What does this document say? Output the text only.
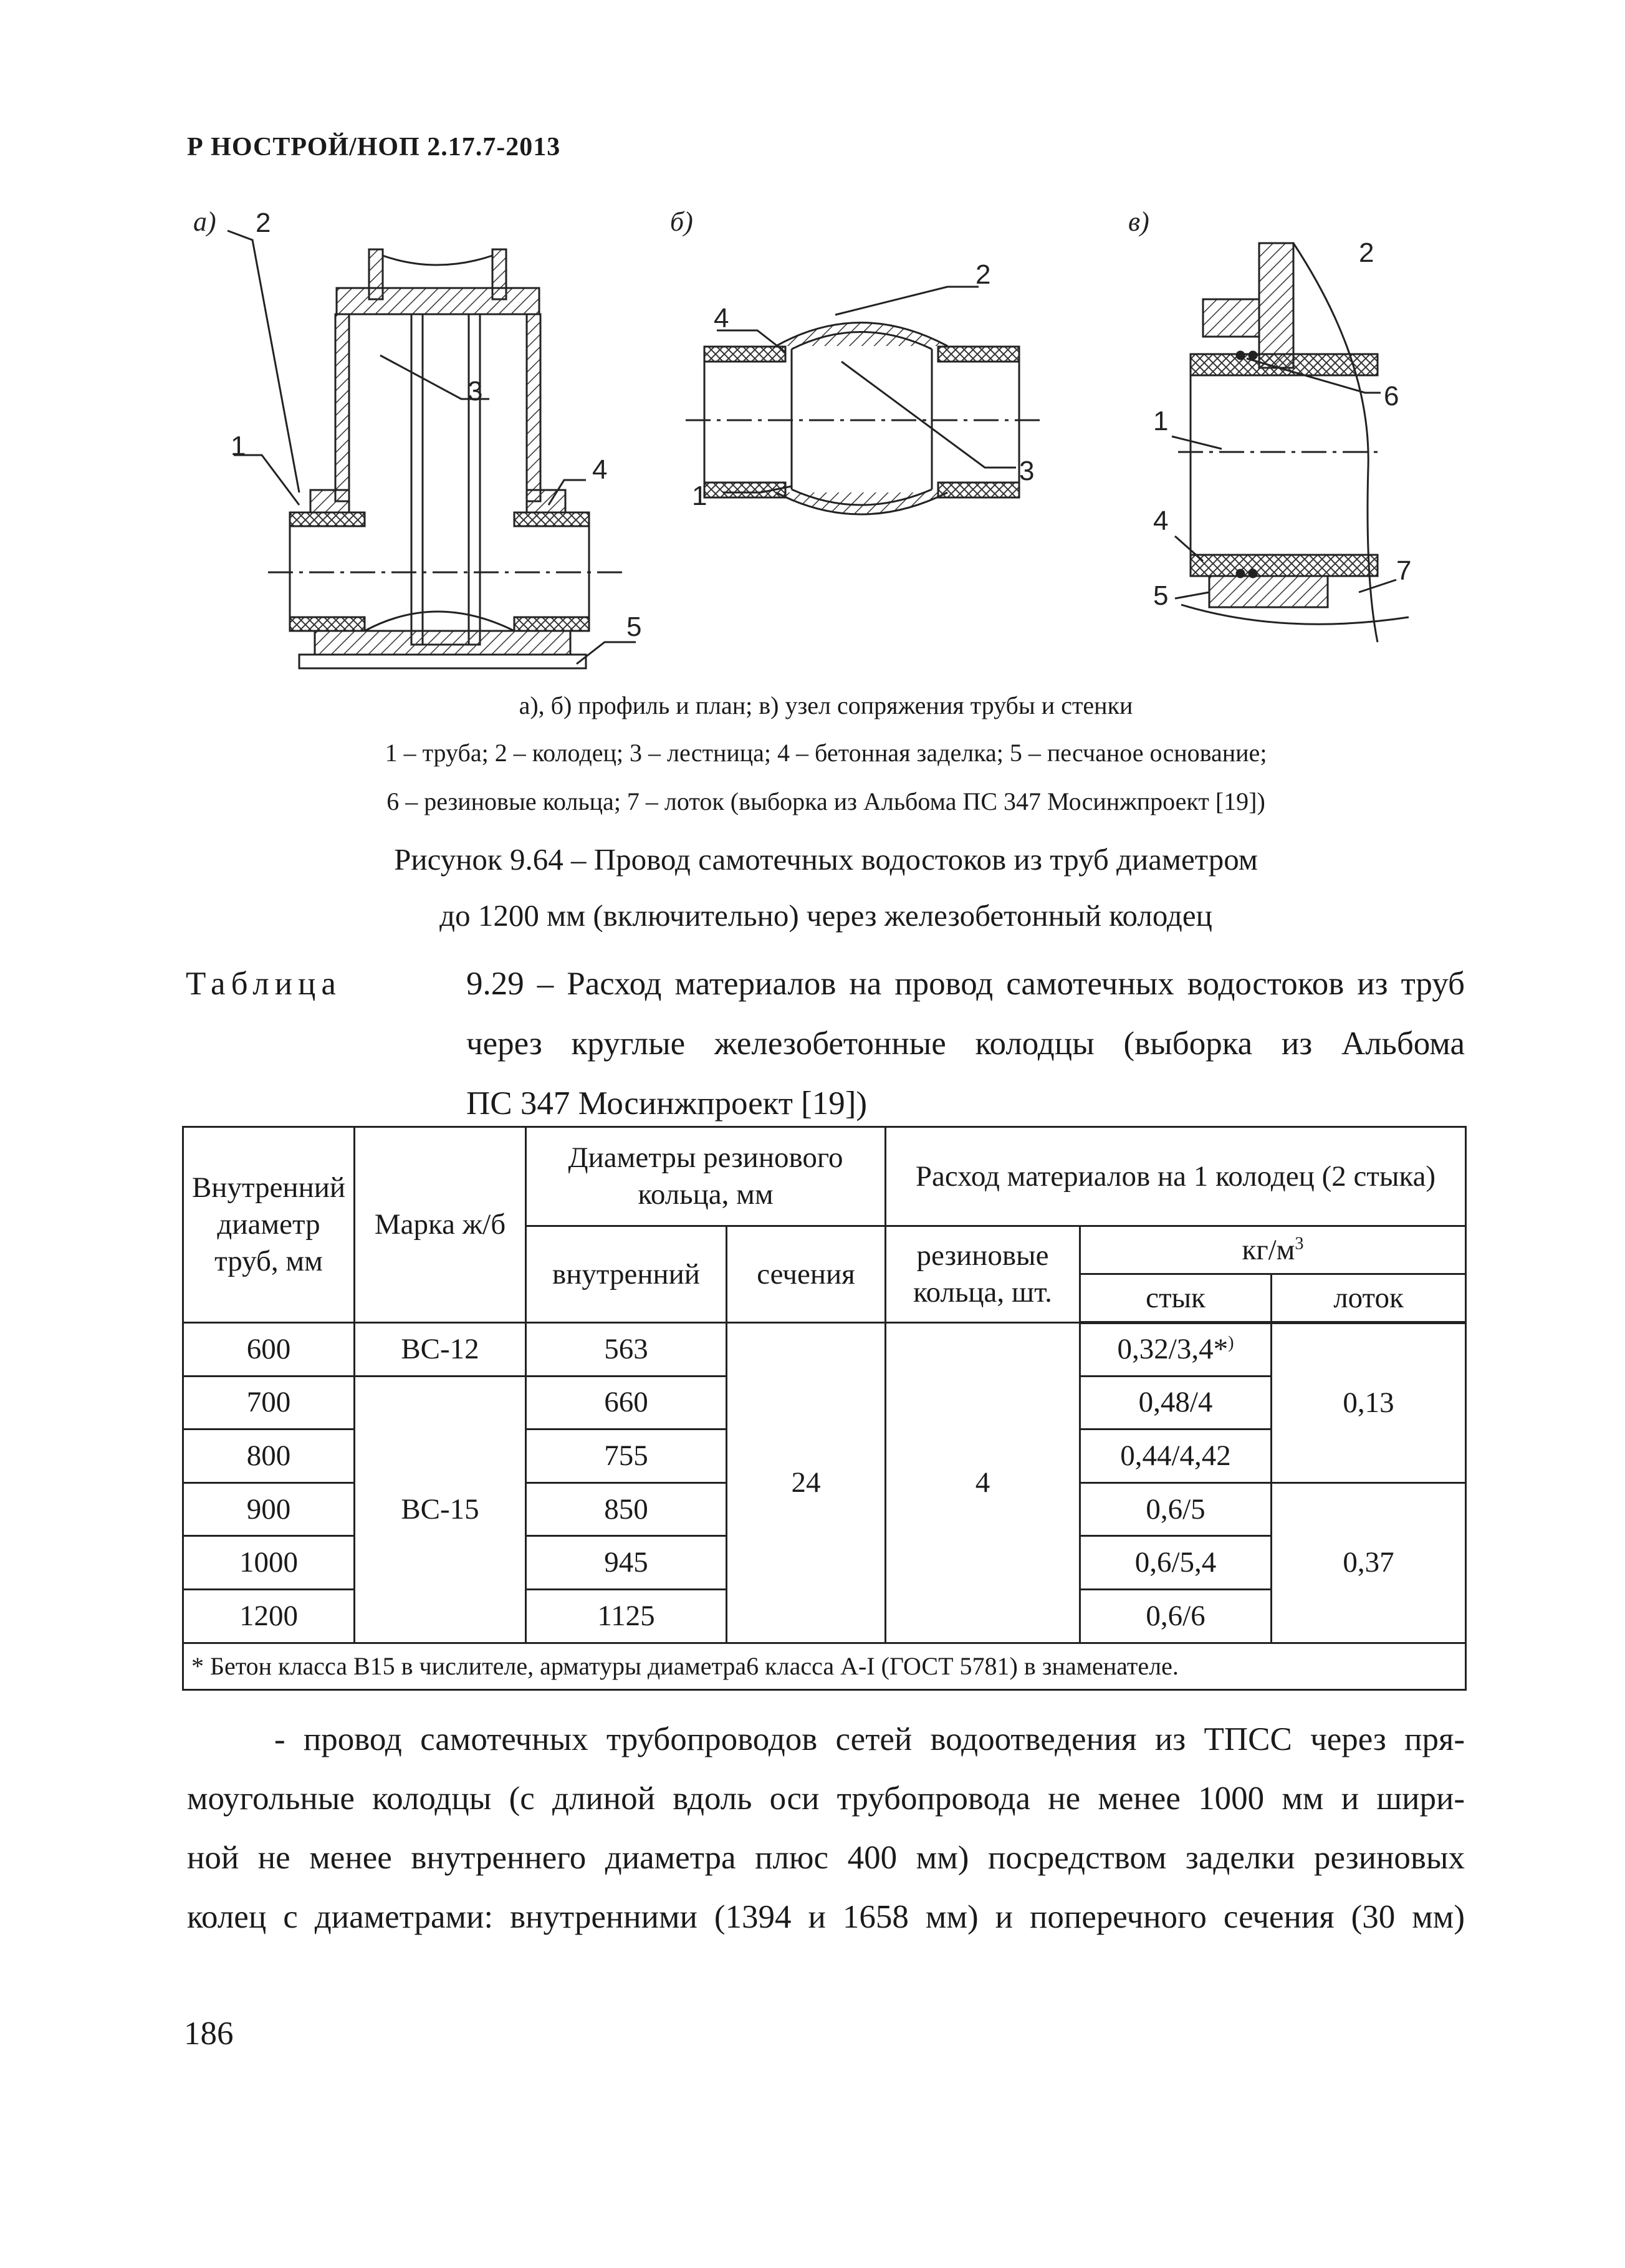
Р НОСТРОЙ/НОП 2.17.7-2013
а) 2
3
1
4
5
б)
4
2
1
3
в)
2
6
1
4
5
7
а), б) профиль и план; в) узел сопряжения трубы и стенки
1 – труба; 2 – колодец; 3 – лестница; 4 – бетонная заделка; 5 – песчаное основание;
6 – резиновые кольца; 7 – лоток (выборка из Альбома ПС 347 Мосинжпроект [19])
Рисунок 9.64 – Провод самотечных водостоков из труб диаметром
до 1200 мм (включительно) через железобетонный колодец
Таблица	9.29 – Расход материалов на провод самотечных водостоков из труб
через круглые железобетонные колодцы (выборка из Альбома
ПС 347 Мосинжпроект [19])
Внутренний диаметр труб, мм	Марка ж/б	Диаметры резинового кольца, мм		Расход материалов на 1 колодец (2 стыка)		
		внутренний	сечения	резиновые кольца, шт.	$кг/м^3$
					стык	лоток
600	ВС-12	563	24	4	0,32/3,4*)	0,13
700	ВС-15	660			0,48/4	
800		755			0,44/4,42	
900		850			0,6/5	0,37
1000		945			0,6/5,4	
1200		1125			0,6/6	
* Бетон класса В15 в числителе, арматуры диаметра6 класса А-I (ГОСТ 5781) в знаменателе.						
- провод самотечных трубопроводов сетей водоотведения из ТПСС через пря-
моугольные колодцы (с длиной вдоль оси трубопровода не менее 1000 мм и шири-
ной не менее внутреннего диаметра плюс 400 мм) посредством заделки резиновых
колец с диаметрами: внутренними (1394 и 1658 мм) и поперечного сечения (30 мм)
186
